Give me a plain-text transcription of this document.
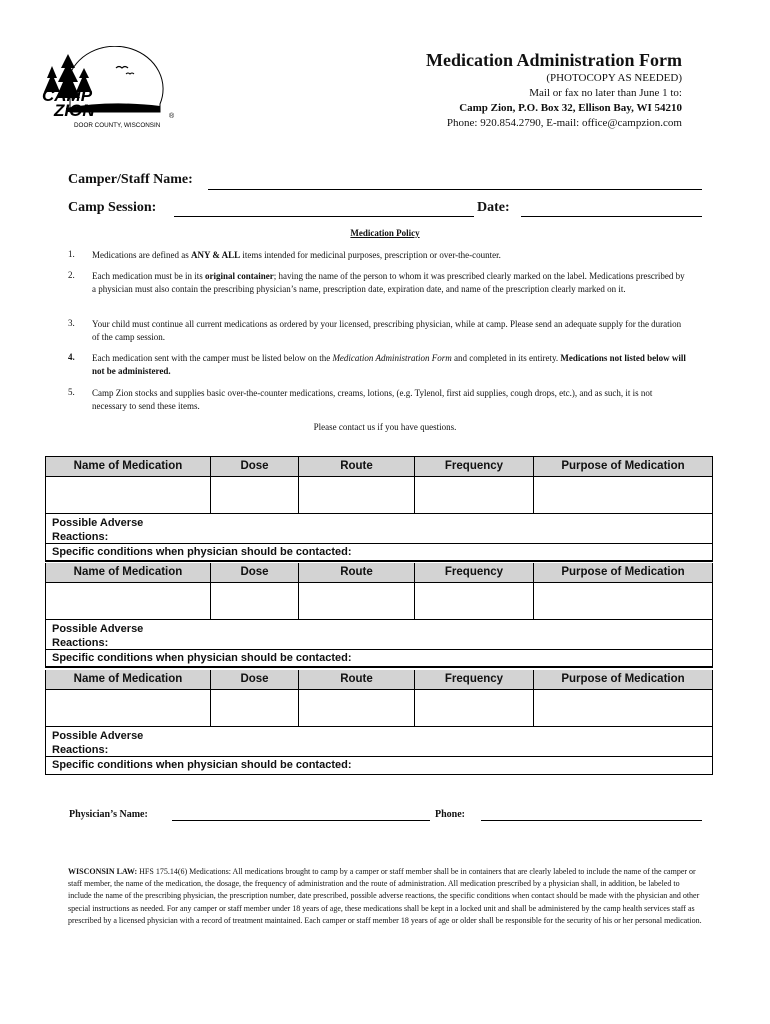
CAMP
ZION
DOOR COUNTY, WISCONSIN
®
Medication Administration Form
(PHOTOCOPY AS NEEDED)
Mail or fax no later than June 1 to:
Camp Zion, P.O. Box 32, Ellison Bay, WI 54210
Phone: 920.854.2790, E-mail: office@campzion.com
Camper/Staff Name:
Camp Session:	Date:
Medication Policy
1. Medications are defined as ANY & ALL items intended for medicinal purposes, prescription or over-the-counter.
2. Each medication must be in its original container; having the name of the person to whom it was prescribed clearly marked on the label. Medications prescribed by a physician must also contain the prescribing physician’s name, prescription date, expiration date, and name of the prescription clearly marked on it.
3. Your child must continue all current medications as ordered by your licensed, prescribing physician, while at camp. Please send an adequate supply for the duration of the camp session.
4. Each medication sent with the camper must be listed below on the Medication Administration Form and completed in its entirety. Medications not listed below will not be administered.
5. Camp Zion stocks and supplies basic over-the-counter medications, creams, lotions, (e.g. Tylenol, first aid supplies, cough drops, etc.), and as such, it is not necessary to send these items.
Please contact us if you have questions.
Name of Medication	Dose	Route	Frequency	Purpose of Medication
Possible Adverse
Reactions:
Specific conditions when physician should be contacted:
Name of Medication	Dose	Route	Frequency	Purpose of Medication
Possible Adverse
Reactions:
Specific conditions when physician should be contacted:
Name of Medication	Dose	Route	Frequency	Purpose of Medication
Possible Adverse
Reactions:
Specific conditions when physician should be contacted:
Physician’s Name:	Phone:
WISCONSIN LAW: HFS 175.14(6) Medications: All medications brought to camp by a camper or staff member shall be in containers that are clearly labeled to include the name of the camper or staff member, the name of the medication, the dosage, the frequency of administration and the route of administration. All medication prescribed by a physician shall, in addition, be labeled to include the name of the prescribing physician, the prescription number, date prescribed, possible adverse reactions, the specific conditions when contact should be made with the physician and other special instructions as needed. For any camper or staff member under 18 years of age, these medications shall be kept in a locked unit and shall be administered by the camp health services staff as prescribed by a licensed physician with a record of treatment maintained. Each camper or staff member 18 years of age or older shall be responsible for the security of his or her personal medication.
